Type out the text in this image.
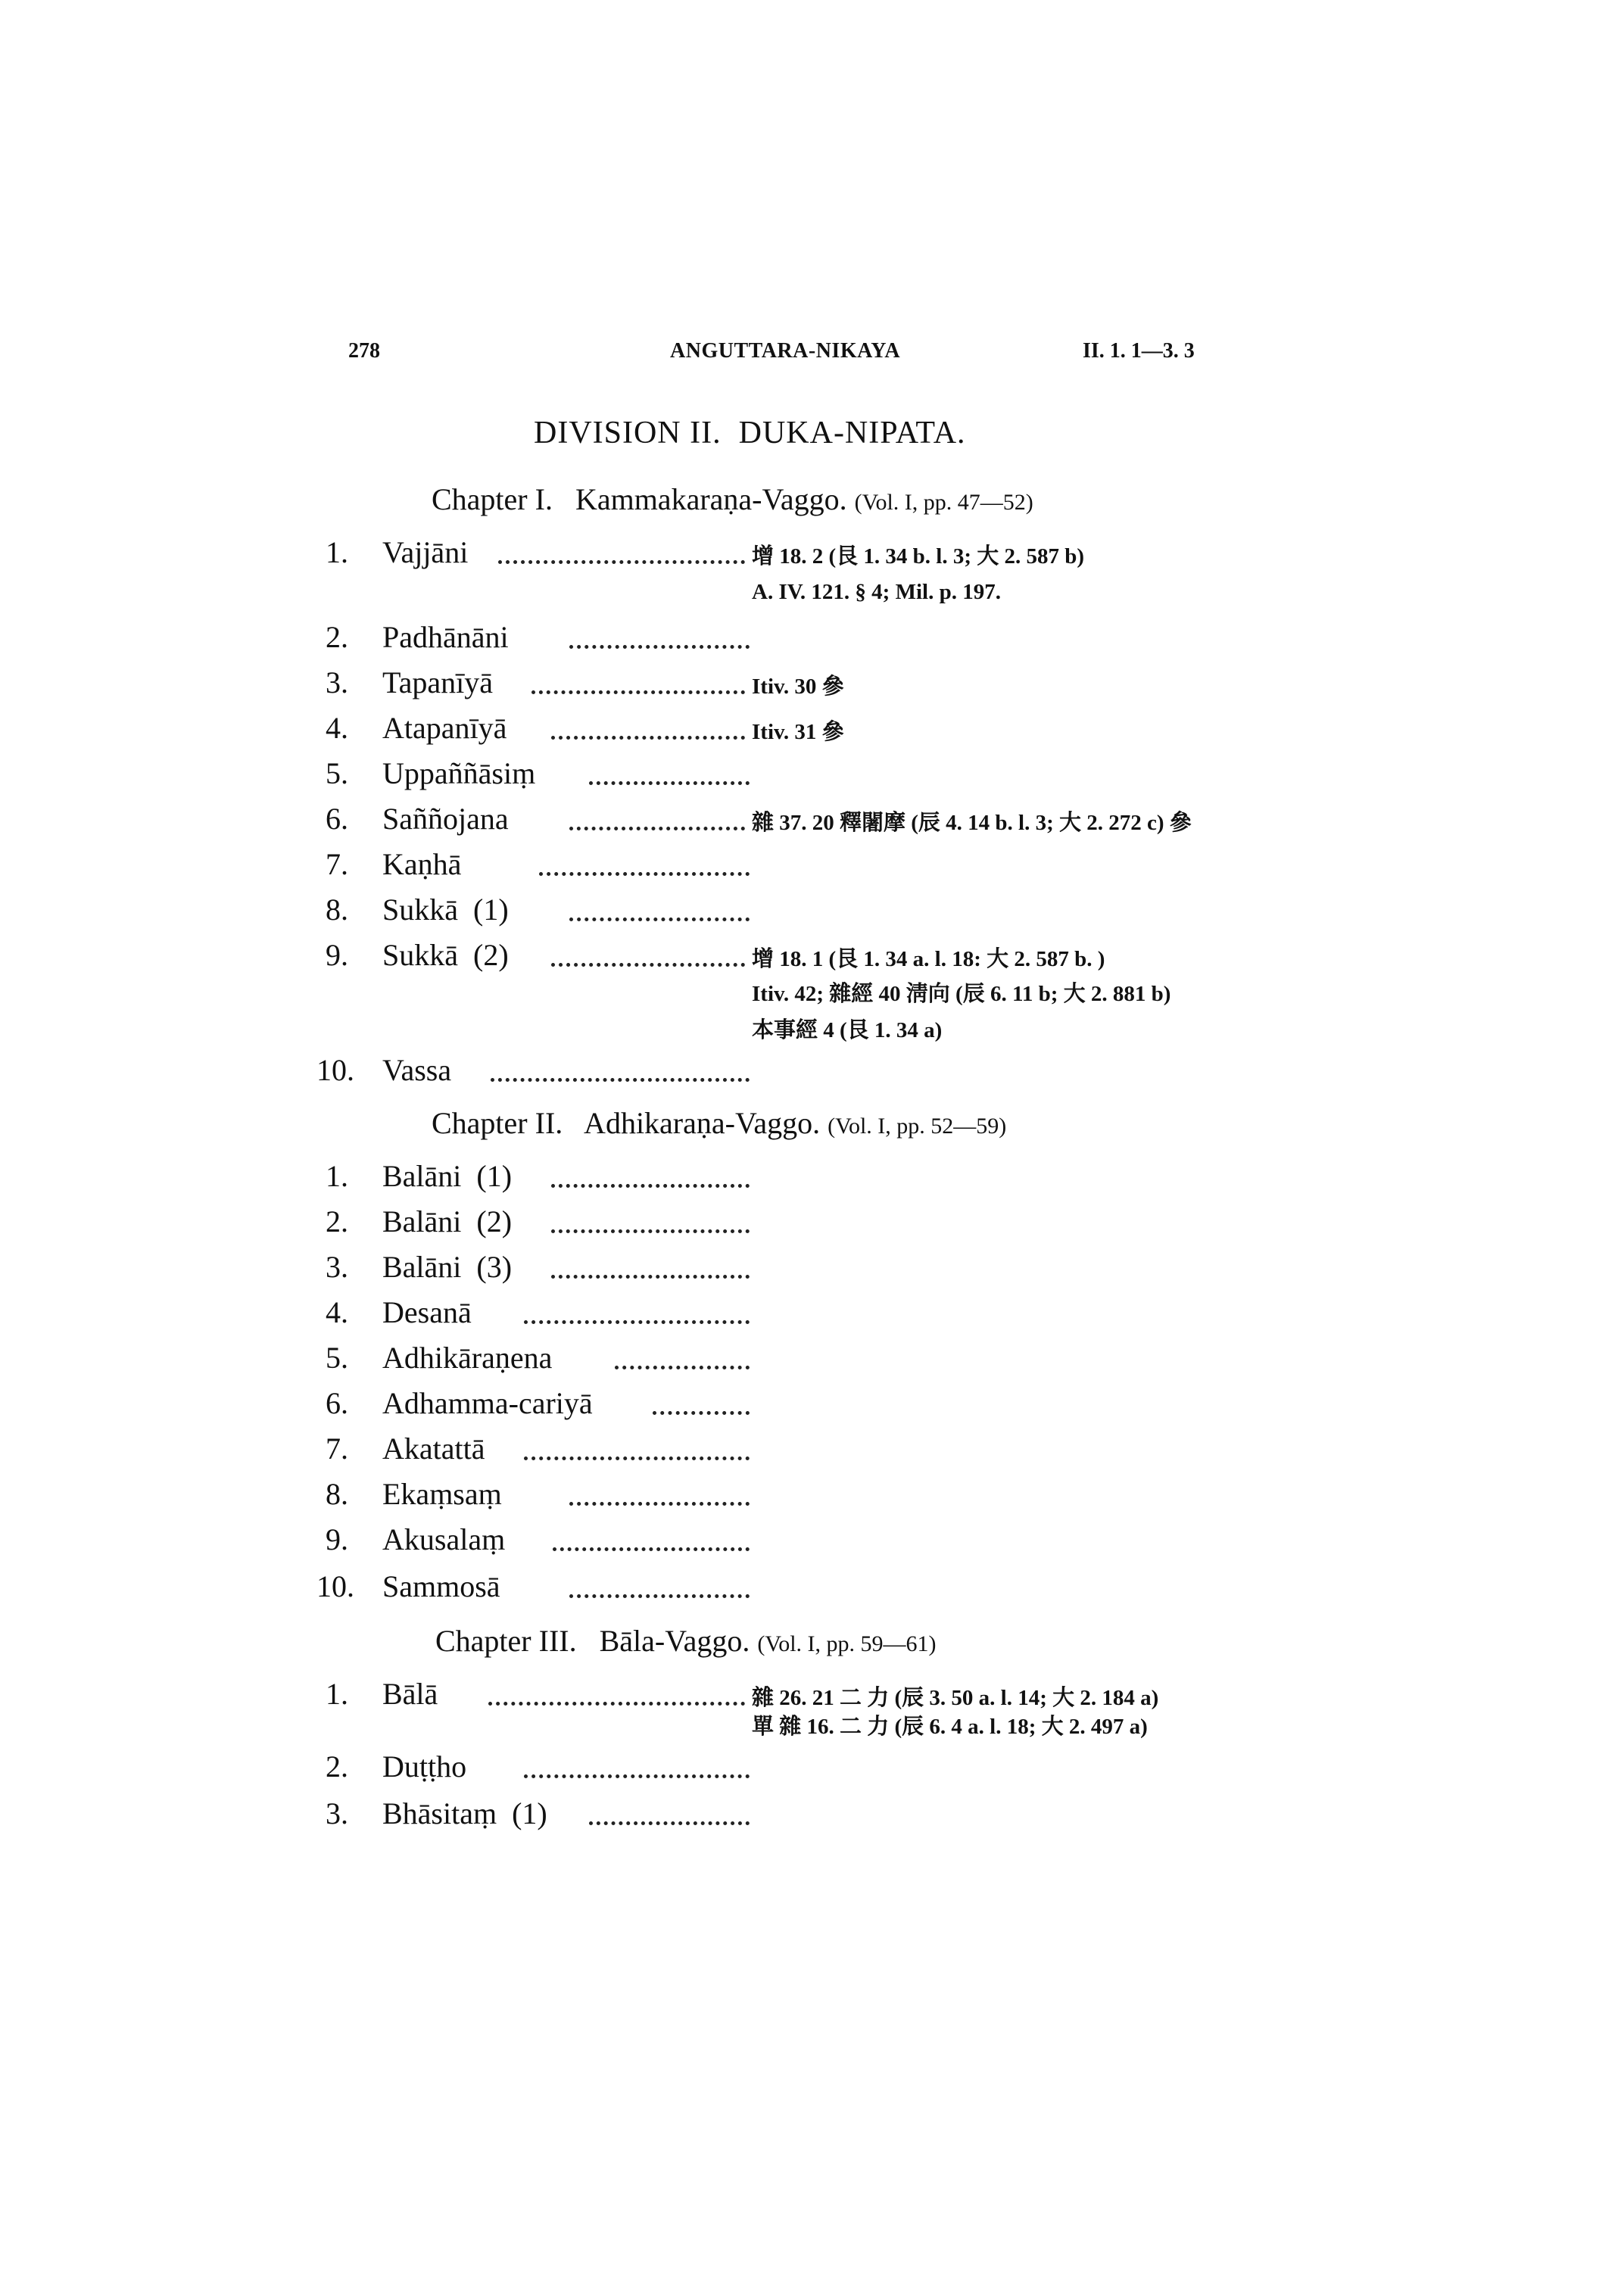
278	ANGUTTARA-NIKAYA	II. 1. 1—3. 3
DIVISION II.  DUKA-NIPATA.
Chapter I.   Kammakaraṇa-Vaggo. (Vol. I, pp. 47—52)
1. Vajjāni	增 18. 2 (艮 1. 34 b. l. 3; 大 2. 587 b)
A. IV. 121. § 4; Mil. p. 197.
2. Padhānāni
3. Tapanīyā	Itiv. 30 參
4. Atapanīyā	Itiv. 31 參
5. Uppaññāsiṃ
6. Saññojana	雜 37. 20 釋闍摩 (辰 4. 14 b. l. 3; 大 2. 272 c) 參
7. Kaṇhā
8. Sukkā  (1)
9. Sukkā  (2)	增 18. 1 (艮 1. 34 a. l. 18: 大 2. 587 b. )
Itiv. 42; 雜經 40 淸向 (辰 6. 11 b; 大 2. 881 b)
本事經 4 (艮 1. 34 a)
10. Vassa
Chapter II.   Adhikaraṇa-Vaggo. (Vol. I, pp. 52—59)
1. Balāni  (1)
2. Balāni  (2)
3. Balāni  (3)
4. Desanā
5. Adhikāraṇena
6. Adhamma-cariyā
7. Akatattā
8. Ekaṃsaṃ
9. Akusalaṃ
10. Sammosā
Chapter III.   Bāla-Vaggo. (Vol. I, pp. 59—61)
1. Bālā	雜 26. 21 二 力 (辰 3. 50 a. l. 14; 大 2. 184 a)
單 雜 16. 二 力 (辰 6. 4 a. l. 18; 大 2. 497 a)
2. Duṭṭho
3. Bhāsitaṃ  (1)
